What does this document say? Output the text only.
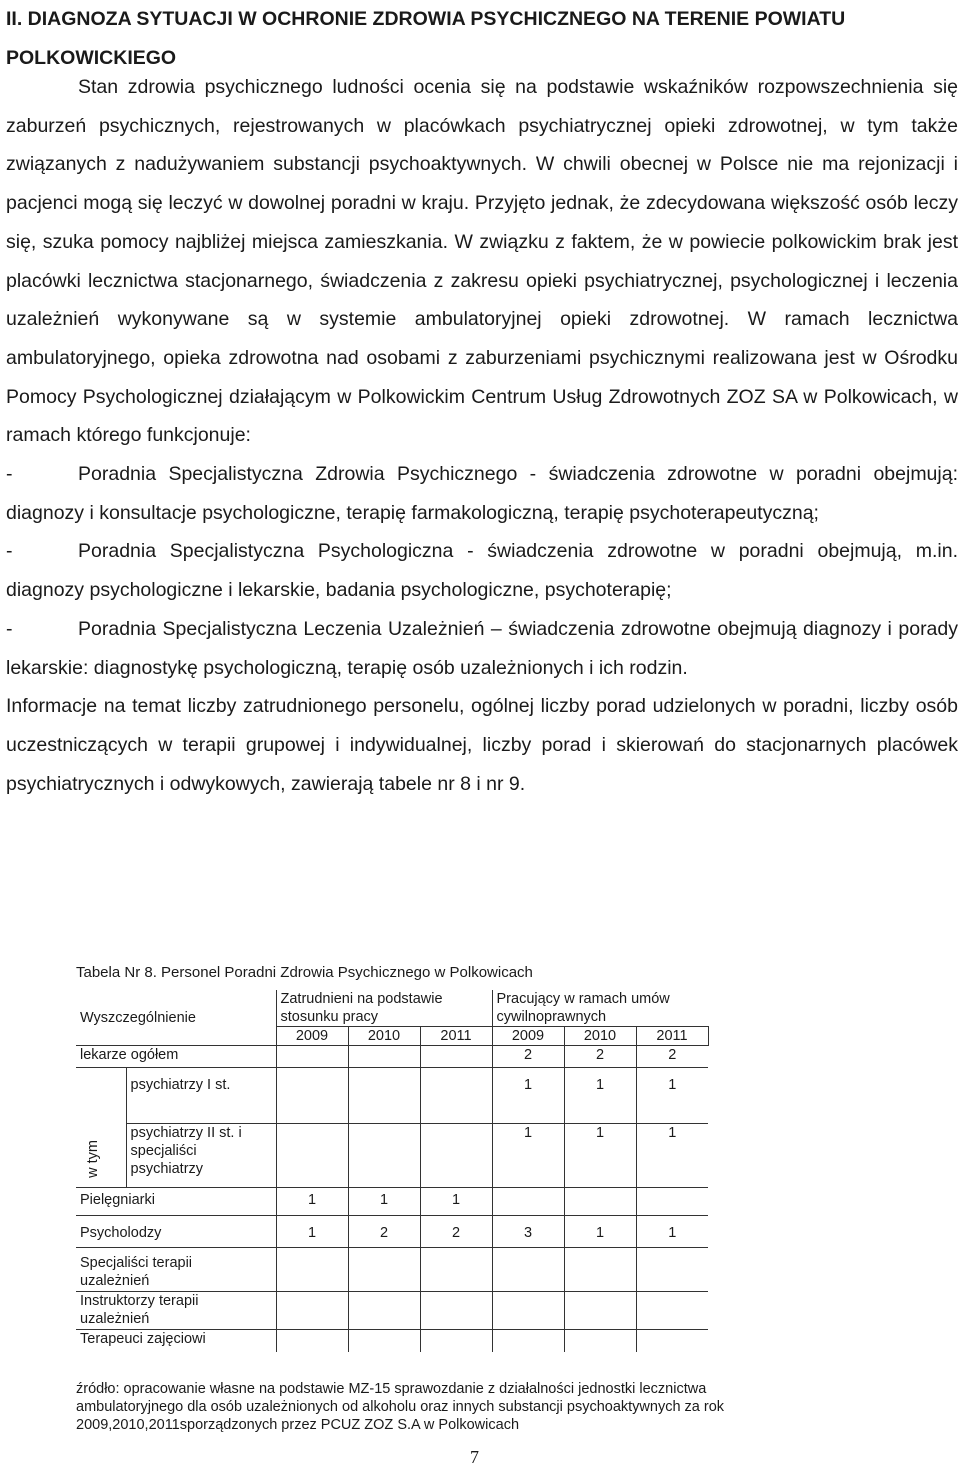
II. DIAGNOZA SYTUACJI W OCHRONIE ZDROWIA PSYCHICZNEGO NA TERENIE POWIATU POLKOWICKIEGO

Stan zdrowia psychicznego ludności ocenia się na podstawie wskaźników rozpowszechnienia się zaburzeń psychicznych, rejestrowanych w placówkach psychiatrycznej opieki zdrowotnej, w tym także związanych z nadużywaniem substancji psychoaktywnych. W chwili obecnej w Polsce nie ma rejonizacji i pacjenci mogą się leczyć w dowolnej poradni w kraju. Przyjęto jednak, że zdecydowana większość osób leczy się, szuka pomocy najbliżej miejsca zamieszkania. W związku z faktem, że w powiecie polkowickim brak jest placówki lecznictwa stacjonarnego, świadczenia z zakresu opieki psychiatrycznej, psychologicznej i leczenia uzależnień wykonywane są w systemie ambulatoryjnej opieki zdrowotnej. W ramach lecznictwa ambulatoryjnego, opieka zdrowotna nad osobami z zaburzeniami psychicznymi realizowana jest w Ośrodku Pomocy Psychologicznej działającym w Polkowickim Centrum Usług Zdrowotnych ZOZ SA w Polkowicach, w ramach którego funkcjonuje:

-	Poradnia Specjalistyczna Zdrowia Psychicznego - świadczenia zdrowotne w poradni obejmują: diagnozy i konsultacje psychologiczne, terapię farmakologiczną, terapię psychoterapeutyczną;

-	Poradnia Specjalistyczna Psychologiczna - świadczenia zdrowotne w poradni obejmują, m.in. diagnozy psychologiczne i lekarskie, badania psychologiczne, psychoterapię;

-	Poradnia Specjalistyczna Leczenia Uzależnień – świadczenia zdrowotne obejmują diagnozy i porady lekarskie: diagnostykę psychologiczną, terapię osób uzależnionych i ich rodzin.

Informacje na temat liczby zatrudnionego personelu, ogólnej liczby porad udzielonych w poradni, liczby osób uczestniczących w terapii grupowej i indywidualnej, liczby porad i skierowań do stacjonarnych placówek psychiatrycznych i odwykowych, zawierają tabele nr 8 i nr 9.

Tabela Nr 8. Personel Poradni Zdrowia Psychicznego w Polkowicach
Wyszczególnienie		Zatrudnieni na podstawie stosunku pracy			Pracujący w ramach umów cywilnoprawnych		
		2009	2010	2011	2009	2010	2011
lekarze ogółem					2	2	2
w tym	psychiatrzy I st.				1	1	1
	psychiatrzy II st. i specjaliści psychiatrzy				1	1	1
Pielęgniarki		1	1	1			
Psycholodzy		1	2	2	3	1	1
Specjaliści terapii uzależnień							
Instruktorzy terapii uzależnień							
Terapeuci zajęciowi							
źródło: opracowanie własne na podstawie MZ-15 sprawozdanie z działalności jednostki lecznictwa ambulatoryjnego dla osób uzależnionych od alkoholu oraz innych substancji psychoaktywnych za rok 2009,2010,2011sporządzonych przez PCUZ ZOZ S.A w Polkowicach
7
